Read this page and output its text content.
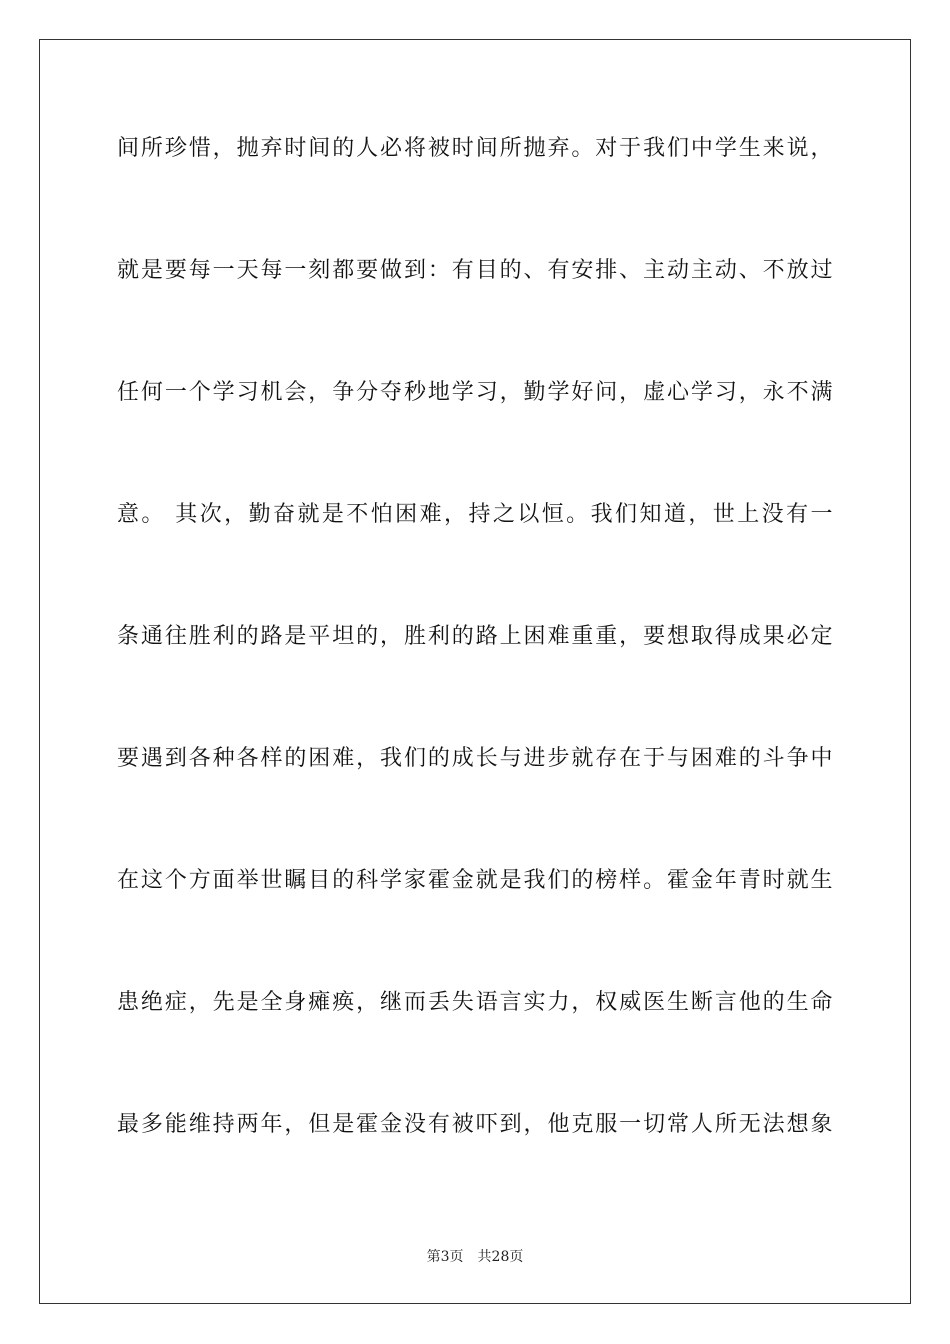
间所珍惜，抛弃时间的人必将被时间所抛弃。对于我们中学生来说，
就是要每一天每一刻都要做到：有目的、有安排、主动主动、不放过
任何一个学习机会，争分夺秒地学习，勤学好问，虚心学习，永不满
意。 其次，勤奋就是不怕困难，持之以恒。我们知道，世上没有一
条通往胜利的路是平坦的，胜利的路上困难重重，要想取得成果必定
要遇到各种各样的困难，我们的成长与进步就存在于与困难的斗争中
在这个方面举世瞩目的科学家霍金就是我们的榜样。霍金年青时就生
患绝症，先是全身瘫痪，继而丢失语言实力，权威医生断言他的生命
最多能维持两年，但是霍金没有被吓到，他克服一切常人所无法想象
第3页 共28页
